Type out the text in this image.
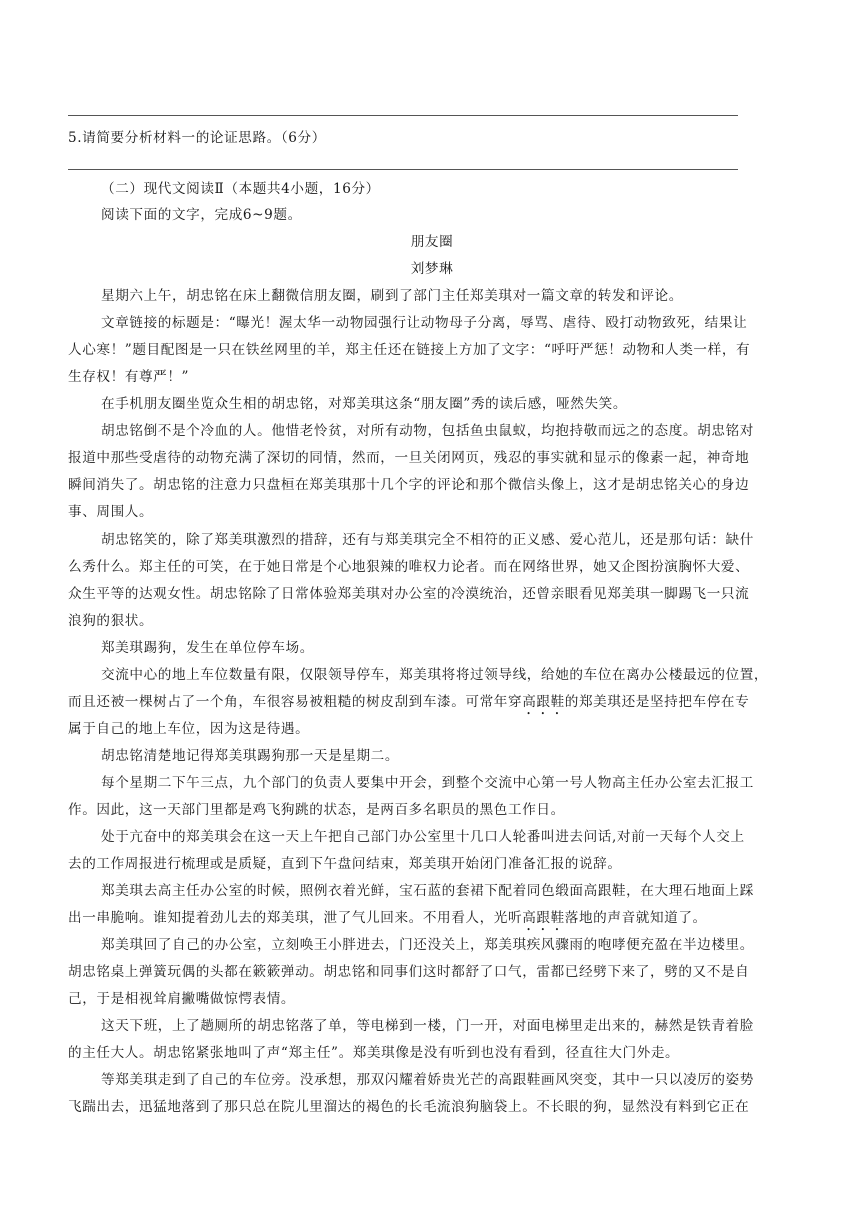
5.请简要分析材料一的论证思路。（6分）
（二）现代文阅读Ⅱ（本题共4小题，16分）
阅读下面的文字，完成6~9题。
朋友圈
刘梦琳
星期六上午，胡忠铭在床上翻微信朋友圈，刷到了部门主任郑美琪对一篇文章的转发和评论。
文章链接的标题是：“曝光！渥太华一动物园强行让动物母子分离，辱骂、虐待、殴打动物致死，结果让
人心寒！”题目配图是一只在铁丝网里的羊，郑主任还在链接上方加了文字：“呼吁严惩！动物和人类一样，有
生存权！有尊严！”
在手机朋友圈坐览众生相的胡忠铭，对郑美琪这条“朋友圈”秀的读后感，哑然失笑。
胡忠铭倒不是个冷血的人。他惜老怜贫，对所有动物，包括鱼虫鼠蚁，均抱持敬而远之的态度。胡忠铭对
报道中那些受虐待的动物充满了深切的同情，然而，一旦关闭网页，残忍的事实就和显示的像素一起，神奇地
瞬间消失了。胡忠铭的注意力只盘桓在郑美琪那十几个字的评论和那个微信头像上，这才是胡忠铭关心的身边
事、周围人。
胡忠铭笑的，除了郑美琪激烈的措辞，还有与郑美琪完全不相符的正义感、爱心范儿，还是那句话：缺什
么秀什么。郑主任的可笑，在于她日常是个心地狠辣的唯权力论者。而在网络世界，她又企图扮演胸怀大爱、
众生平等的达观女性。胡忠铭除了日常体验郑美琪对办公室的冷漠统治，还曾亲眼看见郑美琪一脚踢飞一只流
浪狗的狠状。
郑美琪踢狗，发生在单位停车场。
交流中心的地上车位数量有限，仅限领导停车，郑美琪将将过领导线，给她的车位在离办公楼最远的位置，
而且还被一棵树占了一个角，车很容易被粗糙的树皮刮到车漆。可常年穿高跟鞋的郑美琪还是坚持把车停在专
属于自己的地上车位，因为这是待遇。
胡忠铭清楚地记得郑美琪踢狗那一天是星期二。
每个星期二下午三点，九个部门的负责人要集中开会，到整个交流中心第一号人物高主任办公室去汇报工
作。因此，这一天部门里都是鸡飞狗跳的状态，是两百多名职员的黑色工作日。
处于亢奋中的郑美琪会在这一天上午把自己部门办公室里十几口人轮番叫进去问话,对前一天每个人交上
去的工作周报进行梳理或是质疑，直到下午盘问结束，郑美琪开始闭门准备汇报的说辞。
郑美琪去高主任办公室的时候，照例衣着光鲜，宝石蓝的套裙下配着同色缎面高跟鞋，在大理石地面上踩
出一串脆响。谁知提着劲儿去的郑美琪，泄了气儿回来。不用看人，光听高跟鞋落地的声音就知道了。
郑美琪回了自己的办公室，立刻唤王小胖进去，门还没关上，郑美琪疾风骤雨的咆哮便充盈在半边楼里。
胡忠铭桌上弹簧玩偶的头都在簌簌弹动。胡忠铭和同事们这时都舒了口气，雷都已经劈下来了，劈的又不是自
己，于是相视耸肩撇嘴做惊愕表情。
这天下班，上了趟厕所的胡忠铭落了单，等电梯到一楼，门一开，对面电梯里走出来的，赫然是铁青着脸
的主任大人。胡忠铭紧张地叫了声“郑主任”。郑美琪像是没有听到也没有看到，径直往大门外走。
等郑美琪走到了自己的车位旁。没承想，那双闪耀着娇贵光芒的高跟鞋画风突变，其中一只以凌厉的姿势
飞踹出去，迅猛地落到了那只总在院儿里溜达的褐色的长毛流浪狗脑袋上。不长眼的狗，显然没有料到它正在
